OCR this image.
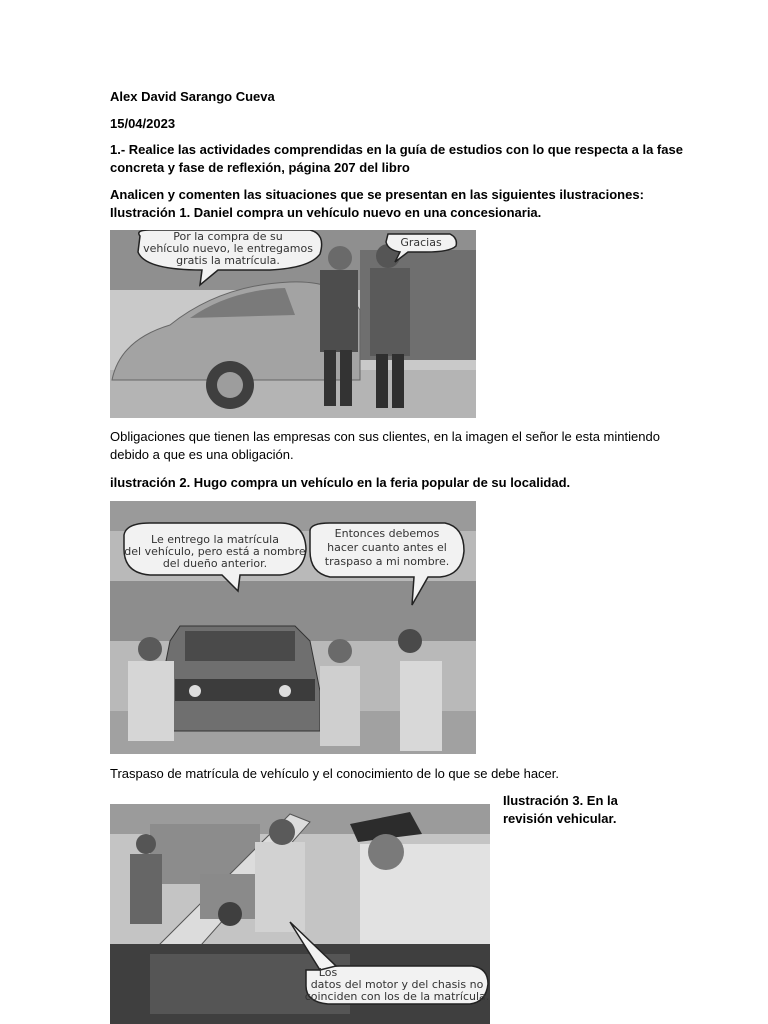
Alex David Sarango Cueva

15/04/2023

1.- Realice las actividades comprendidas en la guía de estudios con lo que respecta a la fase

concreta y fase de reflexión, página 207 del libro

Analicen y comenten las situaciones que se presentan en las siguientes ilustraciones:

Ilustración 1. Daniel compra un vehículo nuevo en una concesionaria.

Por la compra de su
vehículo nuevo, le entregamos
gratis la matrícula.
Gracias

Obligaciones que tienen las empresas con sus clientes, en la imagen el señor le esta mintiendo

debido a que es una obligación.

ilustración 2. Hugo compra un vehículo en la feria popular de su localidad.

Le entrego la matrícula
del vehículo, pero está a nombre
del dueño anterior.
Entonces debemos
hacer cuanto antes el
traspaso a mi nombre.

Traspaso de matrícula de vehículo y el conocimiento de lo que se debe hacer.

Los
datos del motor y del chasis no
coinciden con los de la matrícula.

Ilustración 3. En la

revisión vehicular.
